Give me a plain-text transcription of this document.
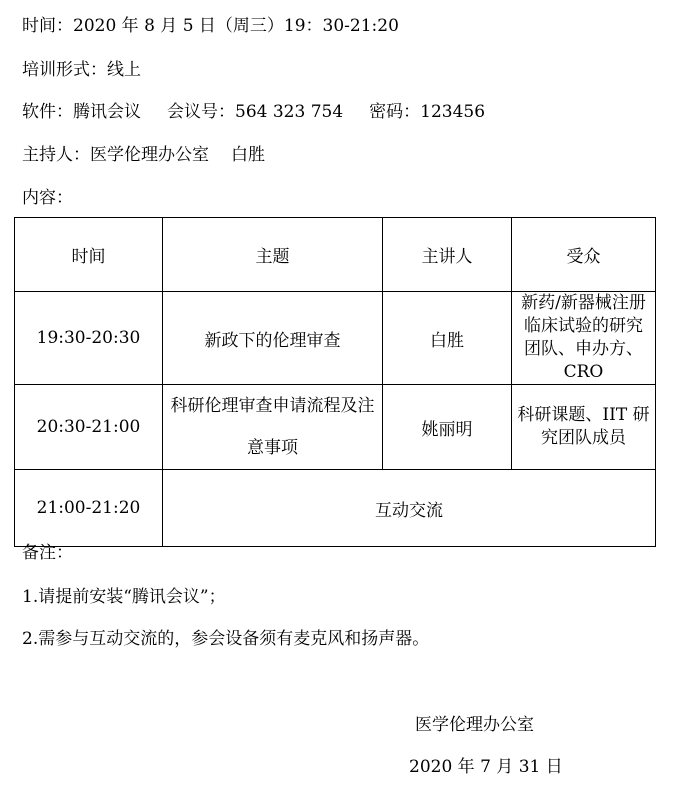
时间：2020 年 8 月 5 日（周三）19：30-21:20
培训形式：线上
软件：腾讯会议 会议号：564 323 754 密码：123456
主持人：医学伦理办公室 白胜
内容：
时间	主题	主讲人	受众
19:30-20:30	新政下的伦理审查	白胜	新药/新器械注册临床试验的研究团队、申办方、CRO
20:30-21:00	科研伦理审查申请流程及注意事项	姚丽明	科研课题、IIT 研究团队成员
21:00-21:20	互动交流		
备注：
1.请提前安装“腾讯会议”；
2.需参与互动交流的，参会设备须有麦克风和扬声器。
医学伦理办公室
2020 年 7 月 31 日
